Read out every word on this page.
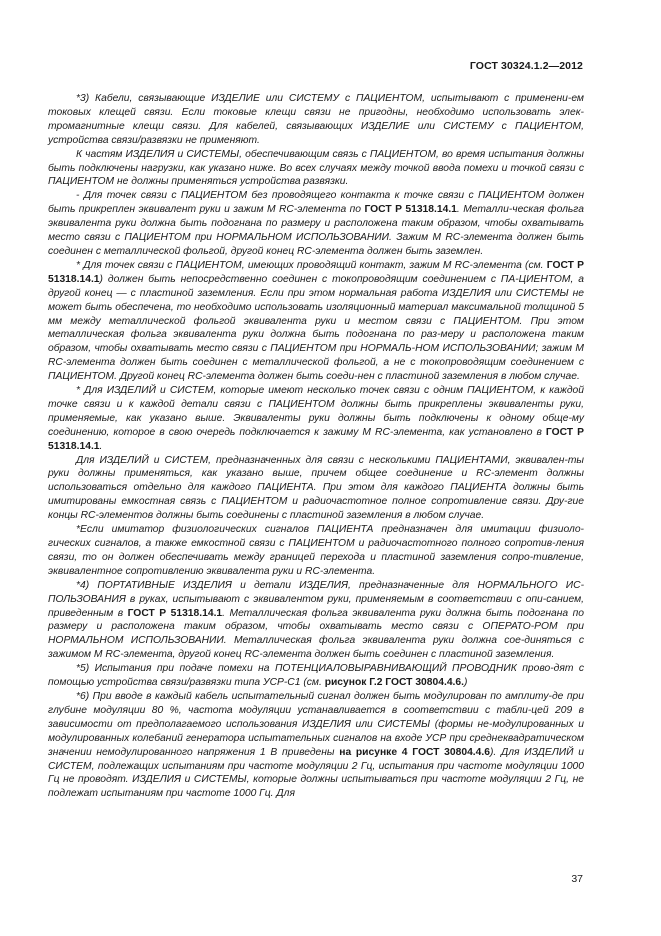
ГОСТ 30324.1.2—2012

*3) Кабели, связывающие ИЗДЕЛИЕ или СИСТЕМУ с ПАЦИЕНТОМ, испытывают с применени-ем токовых клещей связи. Если токовые клещи связи не пригодны, необходимо использовать элек-тромагнитные клещи связи. Для кабелей, связывающих ИЗДЕЛИЕ или СИСТЕМУ с ПАЦИЕНТОМ, устройства связи/развязки не применяют.

К частям ИЗДЕЛИЯ и СИСТЕМЫ, обеспечивающим связь с ПАЦИЕНТОМ, во время испытания должны быть подключены нагрузки, как указано ниже. Во всех случаях между точкой ввода помехи и точкой связи с ПАЦИЕНТОМ не должны применяться устройства развязки.

- Для точек связи с ПАЦИЕНТОМ без проводящего контакта к точке связи с ПАЦИЕНТОМ должен быть прикреплен эквивалент руки и зажим М RC-элемента по ГОСТ Р 51318.14.1. Металли-ческая фольга эквивалента руки должна быть подогнана по размеру и расположена таким образом, чтобы охватывать место связи с ПАЦИЕНТОМ при НОРМАЛЬНОМ ИСПОЛЬЗОВАНИИ. Зажим М RC-элемента должен быть соединен с металлической фольгой, другой конец RC-элемента должен быть заземлен.

* Для точек связи с ПАЦИЕНТОМ, имеющих проводящий контакт, зажим М RC-элемента (см. ГОСТ Р 51318.14.1) должен быть непосредственно соединен с токопроводящим соединением с ПА-ЦИЕНТОМ, а другой конец — с пластиной заземления. Если при этом нормальная работа ИЗДЕЛИЯ или СИСТЕМЫ не может быть обеспечена, то необходимо использовать изоляционный материал максимальной толщиной 5 мм между металлической фольгой эквивалента руки и местом связи с ПАЦИЕНТОМ. При этом металлическая фольга эквивалента руки должна быть подогнана по раз-меру и расположена таким образом, чтобы охватывать место связи с ПАЦИЕНТОМ при НОРМАЛЬ-НОМ ИСПОЛЬЗОВАНИИ; зажим М RC-элемента должен быть соединен с металлической фольгой, а не с токопроводящим соединением с ПАЦИЕНТОМ. Другой конец RC-элемента должен быть соеди-нен с пластиной заземления в любом случае.

* Для ИЗДЕЛИЙ и СИСТЕМ, которые имеют несколько точек связи с одним ПАЦИЕНТОМ, к каждой точке связи и к каждой детали связи с ПАЦИЕНТОМ должны быть прикреплены эквиваленты руки, применяемые, как указано выше. Эквиваленты руки должны быть подключены к одному обще-му соединению, которое в свою очередь подключается к зажиму М RC-элемента, как установлено в ГОСТ Р 51318.14.1.

Для ИЗДЕЛИЙ и СИСТЕМ, предназначенных для связи с несколькими ПАЦИЕНТАМИ, эквивален-ты руки должны применяться, как указано выше, причем общее соединение и RC-элемент должны использоваться отдельно для каждого ПАЦИЕНТА. При этом для каждого ПАЦИЕНТА должны быть имитированы емкостная связь с ПАЦИЕНТОМ и радиочастотное полное сопротивление связи. Дру-гие концы RC-элементов должны быть соединены с пластиной заземления в любом случае.

*Если имитатор физиологических сигналов ПАЦИЕНТА предназначен для имитации физиоло-гических сигналов, а также емкостной связи с ПАЦИЕНТОМ и радиочастотного полного сопротив-ления связи, то он должен обеспечивать между границей перехода и пластиной заземления сопро-тивление, эквивалентное сопротивлению эквивалента руки и RC-элемента.

*4) ПОРТАТИВНЫЕ ИЗДЕЛИЯ и детали ИЗДЕЛИЯ, предназначенные для НОРМАЛЬНОГО ИС-ПОЛЬЗОВАНИЯ в руках, испытывают с эквивалентом руки, применяемым в соответствии с опи-санием, приведенным в ГОСТ Р 51318.14.1. Металлическая фольга эквивалента руки должна быть подогнана по размеру и расположена таким образом, чтобы охватывать место связи с ОПЕРАТО-РОМ при НОРМАЛЬНОМ ИСПОЛЬЗОВАНИИ. Металлическая фольга эквивалента руки должна сое-диняться с зажимом М RC-элемента, другой конец RC-элемента должен быть соединен с пластиной заземления.

*5) Испытания при подаче помехи на ПОТЕНЦИАЛОВЫРАВНИВАЮЩИЙ ПРОВОДНИК прово-дят с помощью устройства связи/развязки типа УСР-С1 (см. рисунок Г.2 ГОСТ 30804.4.6.)

*6) При вводе в каждый кабель испытательный сигнал должен быть модулирован по амплиту-де при глубине модуляции 80 %, частота модуляции устанавливается в соответствии с табли-цей 209 в зависимости от предполагаемого использования ИЗДЕЛИЯ или СИСТЕМЫ (формы не-модулированных и модулированных колебаний генератора испытательных сигналов на входе УСР при среднеквадратическом значении немодулированного напряжения 1 В приведены на рисунке 4 ГОСТ 30804.4.6). Для ИЗДЕЛИЙ и СИСТЕМ, подлежащих испытаниям при частоте модуляции 2 Гц, испытания при частоте модуляции 1000 Гц не проводят. ИЗДЕЛИЯ и СИСТЕМЫ, которые должны испытываться при частоте модуляции 2 Гц, не подлежат испытаниям при частоте 1000 Гц. Для

37
